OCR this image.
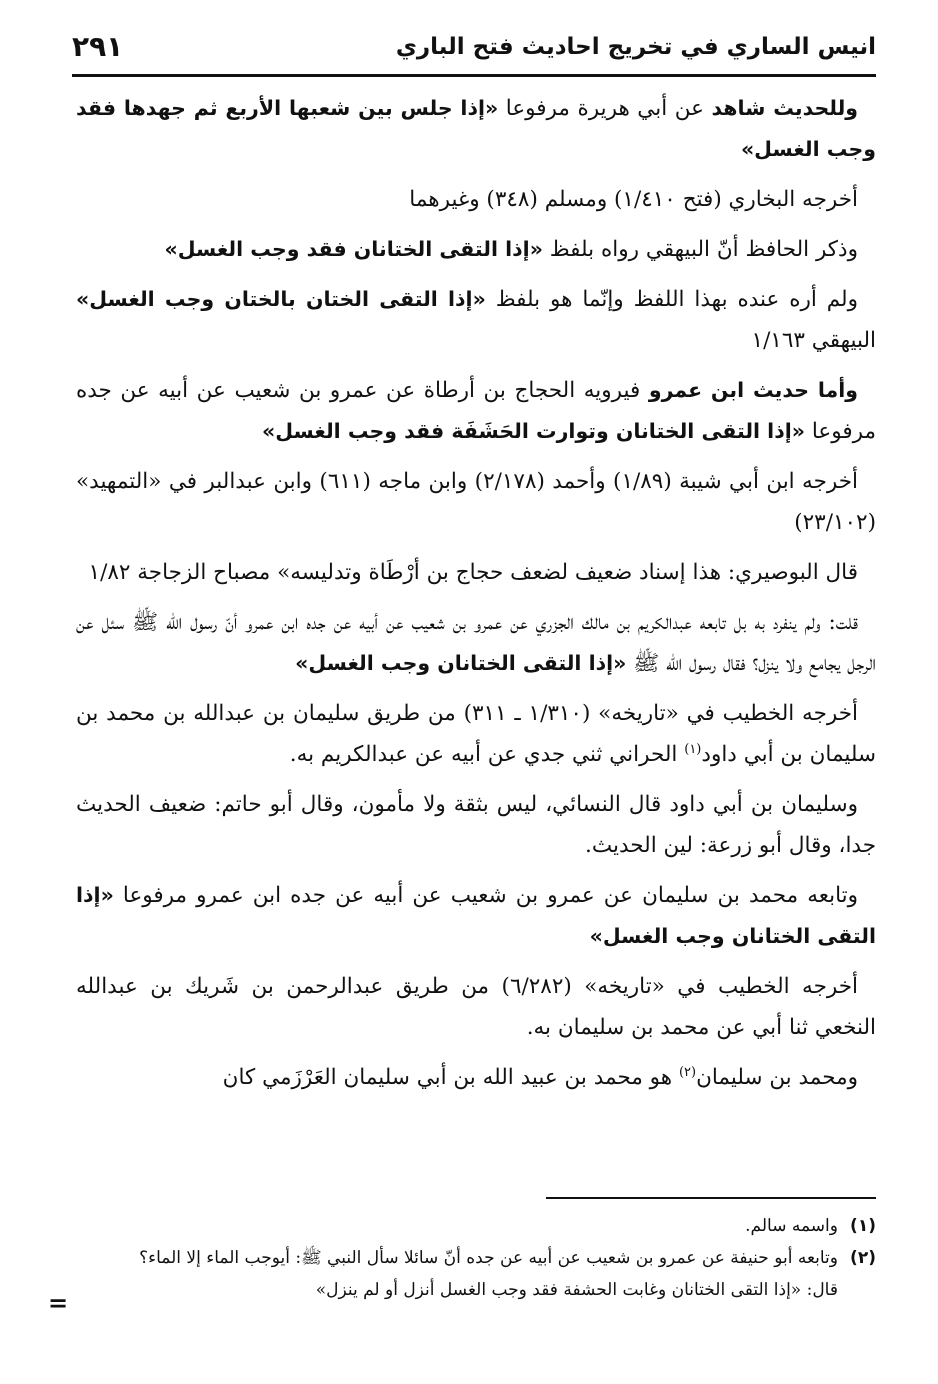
انيس الساري في تخريج احاديث فتح الباري
٢٩١

وللحديث شاهد عن أبي هريرة مرفوعا «إذا جلس بين شعبها الأربع ثم جهدها فقد وجب الغسل»

أخرجه البخاري (فتح ١/٤١٠) ومسلم (٣٤٨) وغيرهما

وذكر الحافظ أنّ البيهقي رواه بلفظ «إذا التقى الختانان فقد وجب الغسل»

ولم أره عنده بهذا اللفظ وإنّما هو بلفظ «إذا التقى الختان بالختان وجب الغسل» البيهقي ١/١٦٣

وأما حديث ابن عمرو فيرويه الحجاج بن أرطاة عن عمرو بن شعيب عن أبيه عن جده مرفوعا «إذا التقى الختانان وتوارت الحَشَفَة فقد وجب الغسل»

أخرجه ابن أبي شيبة (١/٨٩) وأحمد (٢/١٧٨) وابن ماجه (٦١١) وابن عبدالبر في «التمهيد» (٢٣/١٠٢)

قال البوصيري: هذا إسناد ضعيف لضعف حجاج بن أرْطَاة وتدليسه» مصباح الزجاجة ١/٨٢

قلت: ولم ينفرد به بل تابعه عبدالكريم بن مالك الجزري عن عمرو بن شعيب عن أبيه عن جده ابن عمرو أنّ رسول الله ﷺ سئل عن الرجل يجامع ولا ينزل؟ فقال رسول الله ﷺ «إذا التقى الختانان وجب الغسل»

أخرجه الخطيب في «تاريخه» (١/٣١٠ ـ ٣١١) من طريق سليمان بن عبدالله بن محمد بن سليمان بن أبي داود$^{(١)}$ الحراني ثني جدي عن أبيه عن عبدالكريم به.

وسليمان بن أبي داود قال النسائي، ليس بثقة ولا مأمون، وقال أبو حاتم: ضعيف الحديث جدا، وقال أبو زرعة: لين الحديث.

وتابعه محمد بن سليمان عن عمرو بن شعيب عن أبيه عن جده ابن عمرو مرفوعا «إذا التقى الختانان وجب الغسل»

أخرجه الخطيب في «تاريخه» (٦/٢٨٢) من طريق عبدالرحمن بن شَريك بن عبدالله النخعي ثنا أبي عن محمد بن سليمان به.

ومحمد بن سليمان$^{(٢)}$ هو محمد بن عبيد الله بن أبي سليمان العَرْزَمي كان

(١)واسمه سالم.
(٢)وتابعه أبو حنيفة عن عمرو بن شعيب عن أبيه عن جده أنّ سائلا سأل النبي ﷺ: أيوجب الماء إلا الماء؟
قال: «إذا التقى الختانان وغابت الحشفة فقد وجب الغسل أنزل أو لم ينزل»
=
